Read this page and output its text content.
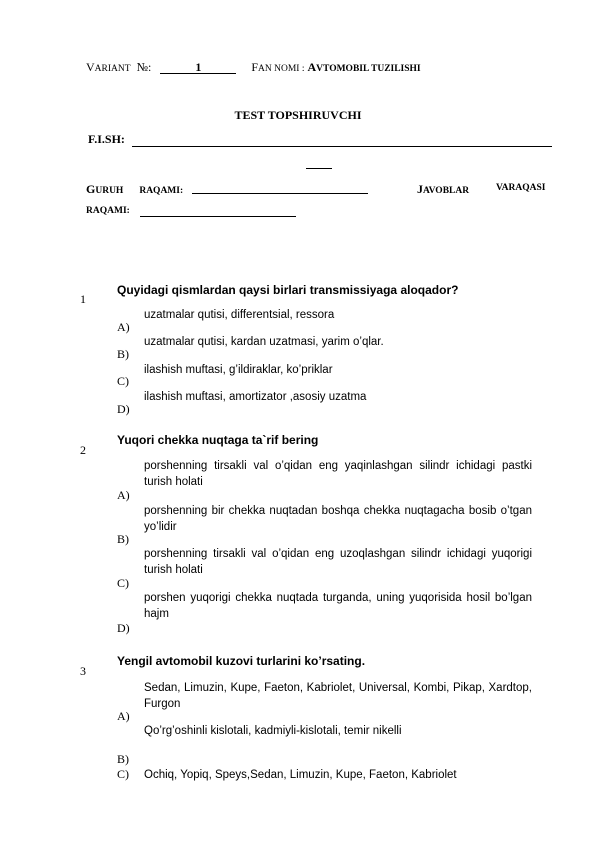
VARIANT №:	1	FAN NOMI : AVTOMOBIL TUZILISHI
TEST TOPSHIRUVCHI
F.I.SH:
GURUH RAQAMI:	JAVOBLAR	VARAQASI
RAQAMI:
1
Quyidagi qismlardan qaysi birlari transmissiyaga aloqador?
uzatmalar qutisi, differentsial, ressora
A)
uzatmalar qutisi, kardan uzatmasi, yarim o’qlar.
B)
ilashish muftasi, g’ildiraklar, ko’priklar
C)
ilashish muftasi, amortizator ,asosiy uzatma
D)
2
Yuqori chekka nuqtaga ta`rif bering
porshenning tirsakli val o’qidan eng yaqinlashgan silindr ichidagi pastki turish holati
A)
porshenning bir chekka nuqtadan boshqa chekka nuqtagacha bosib o’tgan yo’lidir
B)
porshenning tirsakli val o’qidan eng uzoqlashgan silindr ichidagi yuqorigi turish holati
C)
porshen yuqorigi chekka nuqtada turganda, uning yuqorisida hosil bo’lgan hajm
D)
3
Yengil avtomobil kuzovi turlarini ko’rsating.
Sedan, Limuzin, Kupe, Faeton, Kabriolet, Universal, Kombi, Pikap, Xardtop, Furgon
A)
Qo’rg’oshinli kislotali, kadmiyli-kislotali, temir nikelli
B)
Ochiq, Yopiq, Speys,Sedan, Limuzin, Kupe, Faeton, Kabriolet
C)
